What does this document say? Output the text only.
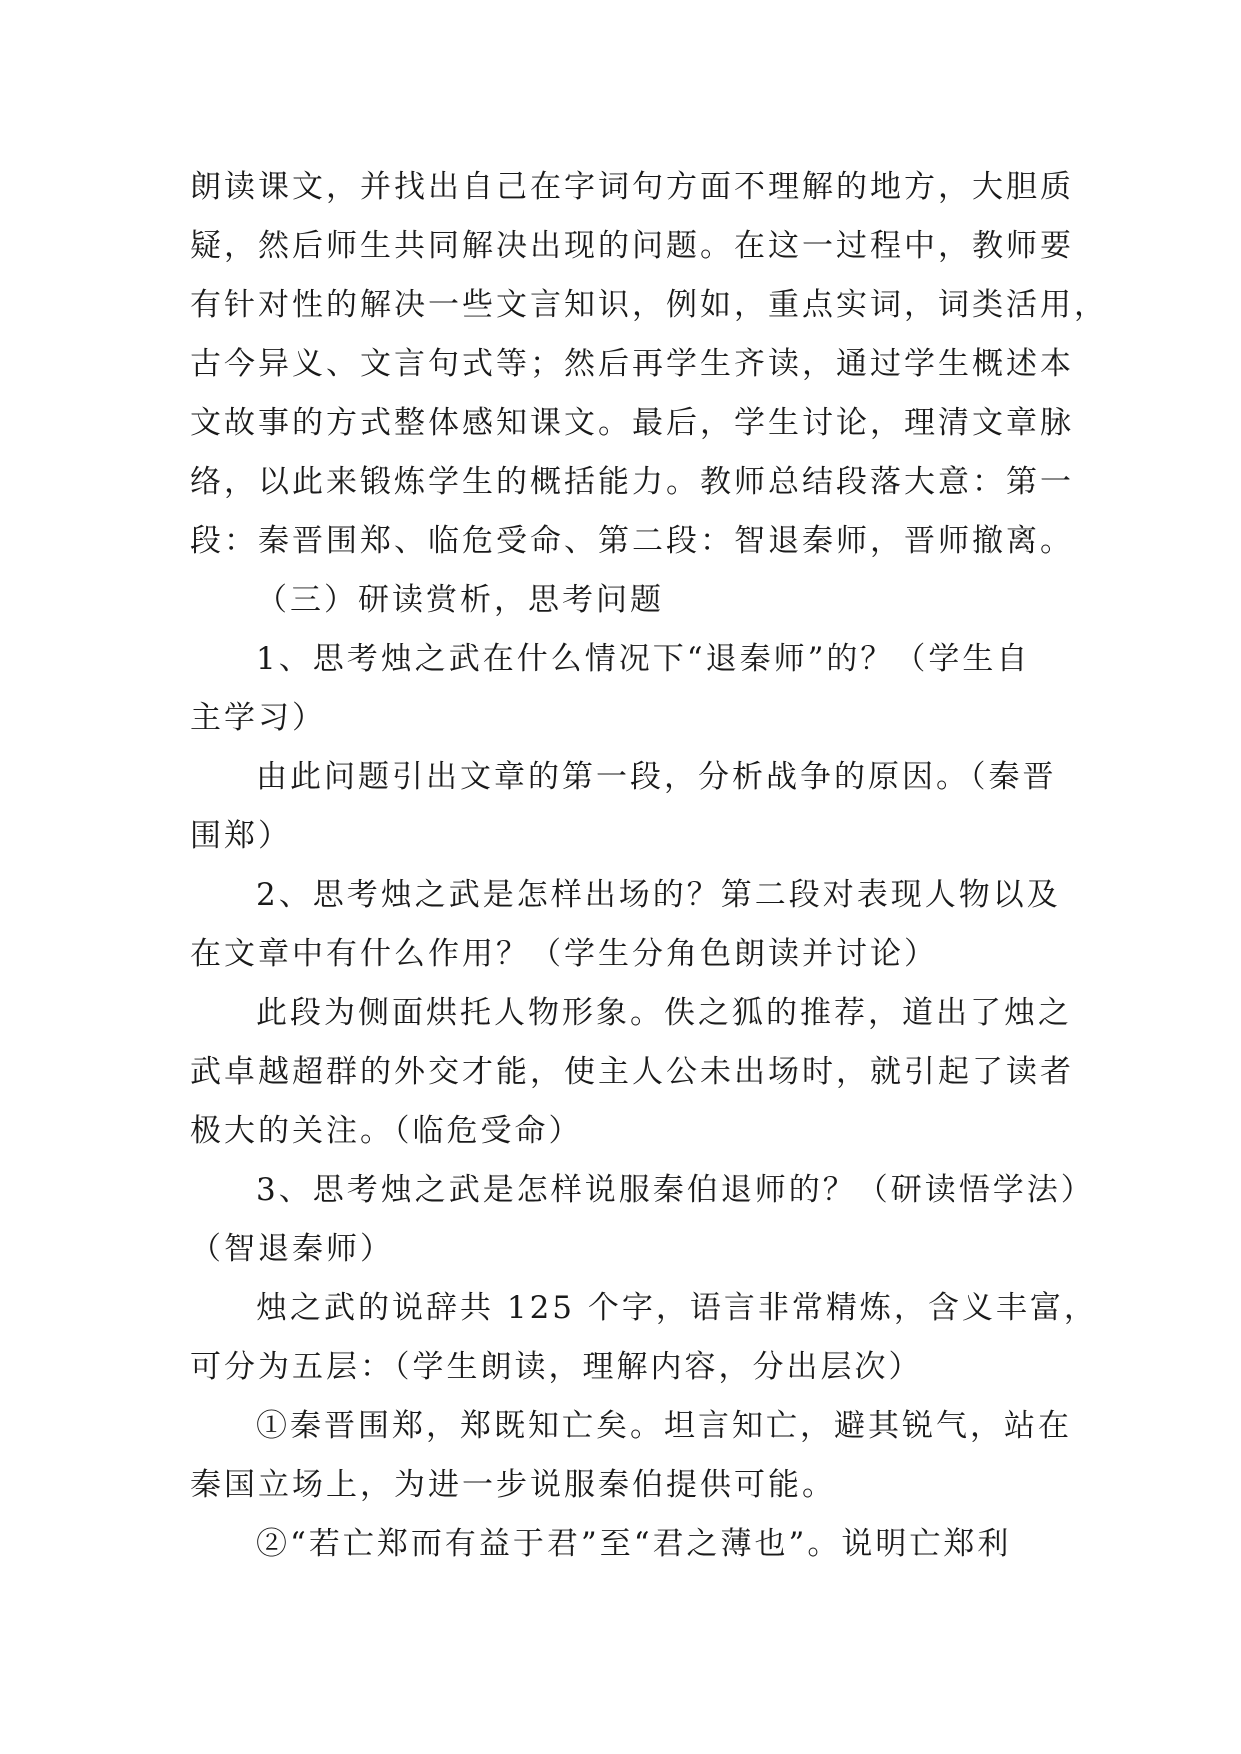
朗读课文，并找出自己在字词句方面不理解的地方，大胆质
疑，然后师生共同解决出现的问题。在这一过程中，教师要
有针对性的解决一些文言知识，例如，重点实词，词类活用，
古今异义、文言句式等；然后再学生齐读，通过学生概述本
文故事的方式整体感知课文。最后，学生讨论，理清文章脉
络，以此来锻炼学生的概括能力。教师总结段落大意：第一
段：秦晋围郑、临危受命、第二段：智退秦师，晋师撤离。
（三）研读赏析，思考问题
1、思考烛之武在什么情况下“退秦师”的？（学生自
主学习）
由此问题引出文章的第一段，分析战争的原因。（秦晋
围郑）
2、思考烛之武是怎样出场的？第二段对表现人物以及
在文章中有什么作用？（学生分角色朗读并讨论）
此段为侧面烘托人物形象。佚之狐的推荐，道出了烛之
武卓越超群的外交才能，使主人公未出场时，就引起了读者
极大的关注。（临危受命）
3、思考烛之武是怎样说服秦伯退师的？（研读悟学法）
（智退秦师）
烛之武的说辞共 125 个字，语言非常精炼，含义丰富，
可分为五层：（学生朗读，理解内容，分出层次）
①秦晋围郑，郑既知亡矣。坦言知亡，避其锐气，站在
秦国立场上，为进一步说服秦伯提供可能。
②“若亡郑而有益于君”至“君之薄也”。说明亡郑利
